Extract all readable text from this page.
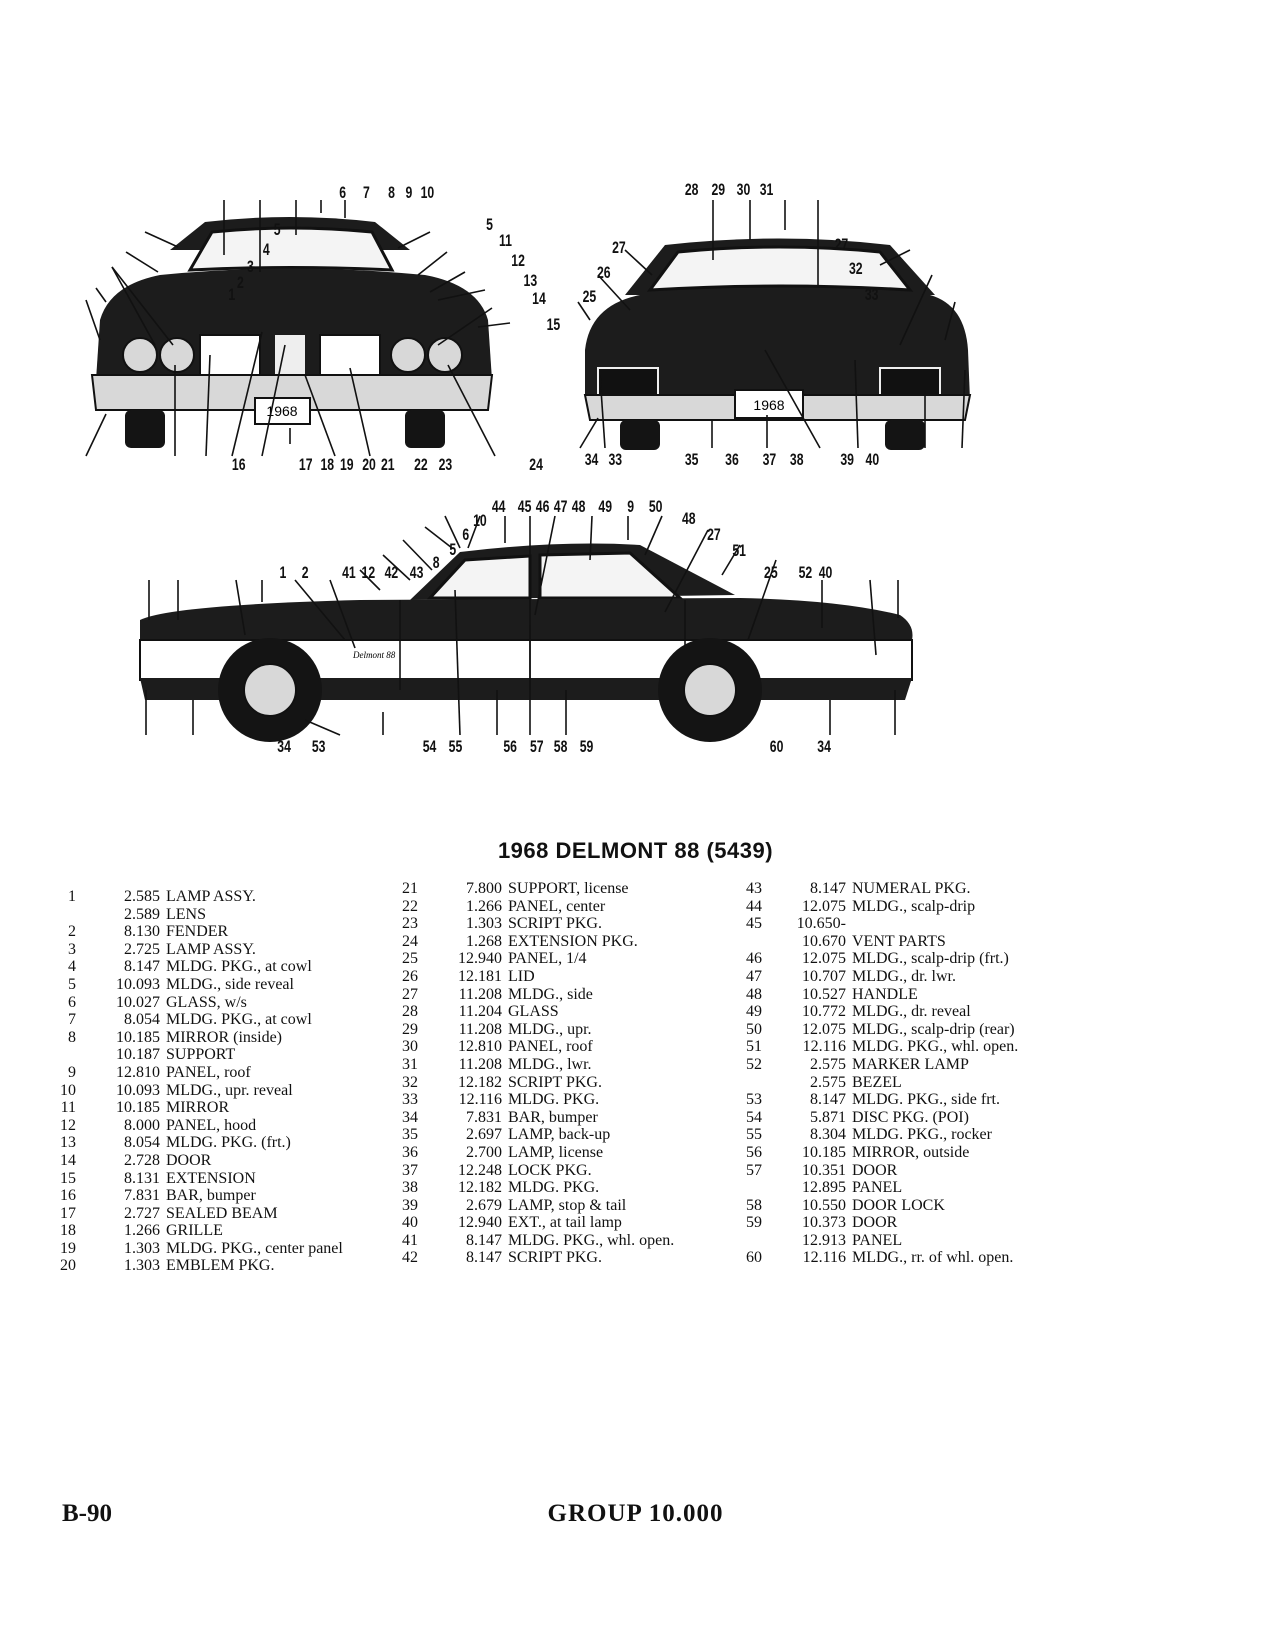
1968
6 7 8 9 10
5
4
3
2
1
5
11
12
13
14
15
16	17 18 19 20 21 22 23	24
1968
28 29 30 31
27	27
32
33
26
25
34 33	35 36 37 38 39 40
Delmont 88
44 45 46 47 48 49 9 50
10	48
6	27
5	51
1 2 41 12 42 43
8
25 52 40
34 53	54 55 56 57 58 59	60 34
1968 DELMONT 88 (5439)
1	2.585 LAMP ASSY.
2.589 LENS
2	8.130 FENDER
3	2.725 LAMP ASSY.
4	8.147 MLDG. PKG., at cowl
5	10.093 MLDG., side reveal
6	10.027 GLASS, w/s
7	8.054 MLDG. PKG., at cowl
8	10.185 MIRROR (inside)
10.187 SUPPORT
9	12.810 PANEL, roof
10	10.093 MLDG., upr. reveal
11	10.185 MIRROR
12	8.000 PANEL, hood
13	8.054 MLDG. PKG. (frt.)
14	2.728 DOOR
15	8.131 EXTENSION
16	7.831 BAR, bumper
17	2.727 SEALED BEAM
18	1.266 GRILLE
19	1.303 MLDG. PKG., center panel
20	1.303 EMBLEM PKG.
21	7.800 SUPPORT, license
22	1.266 PANEL, center
23	1.303 SCRIPT PKG.
24	1.268 EXTENSION PKG.
25	12.940 PANEL, 1/4
26	12.181 LID
27	11.208 MLDG., side
28	11.204 GLASS
29	11.208 MLDG., upr.
30	12.810 PANEL, roof
31	11.208 MLDG., lwr.
32	12.182 SCRIPT PKG.
33	12.116 MLDG. PKG.
34	7.831 BAR, bumper
35	2.697 LAMP, back-up
36	2.700 LAMP, license
37	12.248 LOCK PKG.
38	12.182 MLDG. PKG.
39	2.679 LAMP, stop & tail
40	12.940 EXT., at tail lamp
41	8.147 MLDG. PKG., whl. open.
42	8.147 SCRIPT PKG.
43	8.147 NUMERAL PKG.
44	12.075 MLDG., scalp-drip
45	10.650-
10.670 VENT PARTS
46	12.075 MLDG., scalp-drip (frt.)
47	10.707 MLDG., dr. lwr.
48	10.527 HANDLE
49	10.772 MLDG., dr. reveal
50	12.075 MLDG., scalp-drip (rear)
51	12.116 MLDG. PKG., whl. open.
52	2.575 MARKER LAMP
2.575 BEZEL
53	8.147 MLDG. PKG., side frt.
54	5.871 DISC PKG. (POI)
55	8.304 MLDG. PKG., rocker
56	10.185 MIRROR, outside
57	10.351 DOOR
12.895 PANEL
58	10.550 DOOR LOCK
59	10.373 DOOR
12.913 PANEL
60	12.116 MLDG., rr. of whl. open.
GROUP 10.000
B-90
